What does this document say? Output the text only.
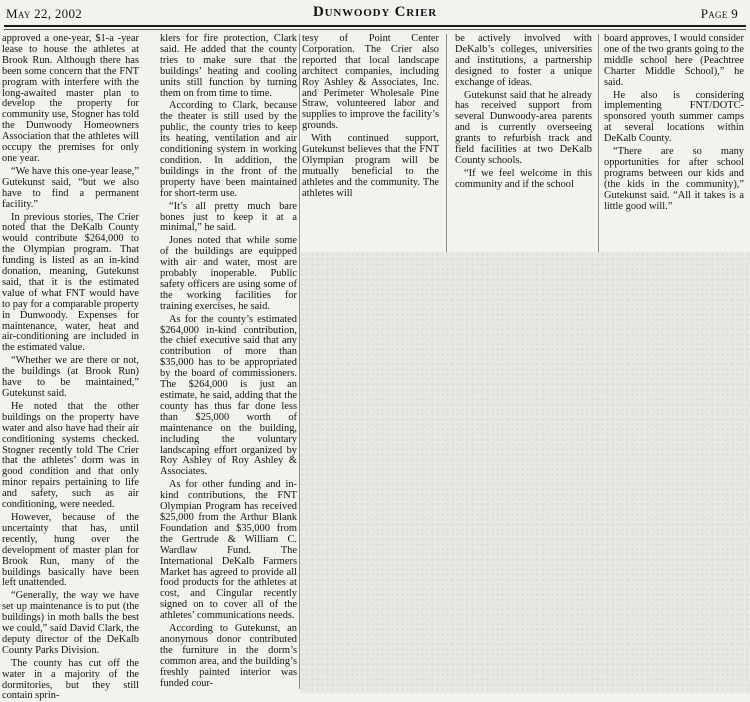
May 22, 2002	Dunwoody Crier	Page 9

approved a one-year, $1-a -year lease to house the athletes at Brook Run. Although there has been some concern that the FNT program with interfere with the long-awaited master plan to develop the property for community use, Stogner has told the Dunwoody Homeowners Association that the athletes will occupy the premises for only one year.

“We have this one-year lease,” Gutekunst said, “but we also have to find a permanent facility.”

In previous stories, The Crier noted that the DeKalb County would contribute $264,000 to the Olympian program. That funding is listed as an in-kind donation, meaning, Gutekunst said, that it is the estimated value of what FNT would have to pay for a comparable property in Dunwoody. Expenses for maintenance, water, heat and air-conditioning are included in the estimated value.

“Whether we are there or not, the buildings (at Brook Run) have to be maintained,” Gutekunst said.

He noted that the other buildings on the property have water and also have had their air conditioning systems checked. Stogner recently told The Crier that the athletes’ dorm was in good condition and that only minor repairs pertaining to life and safety, such as air conditioning, were needed.

However, because of the uncertainty that has, until recently, hung over the development of master plan for Brook Run, many of the buildings basically have been left unattended.

“Generally, the way we have set up maintenance is to put (the buildings) in moth balls the best we could,” said David Clark, the deputy director of the DeKalb County Parks Division.

The county has cut off the water in a majority of the dormitories, but they still contain sprin-

klers for fire protection, Clark said. He added that the county tries to make sure that the buildings’ heating and cooling units still function by turning them on from time to time.

According to Clark, because the theater is still used by the public, the county tries to keep its heating, ventilation and air conditioning system in working condition. In addition, the buildings in the front of the property have been maintained for short-term use.

“It’s all pretty much bare bones just to keep it at a minimal,” he said.

Jones noted that while some of the buildings are equipped with air and water, most are probably inoperable. Public safety officers are using some of the working facilities for training exercises, he said.

As for the county’s estimated $264,000 in-kind contribution, the chief executive said that any contribution of more than $35,000 has to be appropriated by the board of commissioners. The $264,000 is just an estimate, he said, adding that the county has thus far done less than $25,000 worth of maintenance on the building, including the voluntary landscaping effort organized by Roy Ashley of Roy Ashley & Associates.

As for other funding and in-kind contributions, the FNT Olympian Program has received $25,000 from the Arthur Blank Foundation and $35,000 from the Gertrude & William C. Wardlaw Fund. The International DeKalb Farmers Market has agreed to provide all food products for the athletes at cost, and Cingular recently signed on to cover all of the athletes’ communications needs.

According to Gutekunst, an anonymous donor contributed the furniture in the dorm’s common area, and the building’s freshly painted interior was funded cour-

tesy of Point Center Corporation. The Crier also reported that local landscape architect companies, including Roy Ashley & Associates, Inc. and Perimeter Wholesale Pine Straw, volunteered labor and supplies to improve the facility’s grounds.

With continued support, Gutekunst believes that the FNT Olympian program will be mutually beneficial to the athletes and the community. The athletes will

be actively involved with DeKalb’s colleges, universities and institutions, a partnership designed to foster a unique exchange of ideas.

Gutekunst said that he already has received support from several Dunwoody-area parents and is currently overseeing grants to refurbish track and field facilities at two DeKalb County schools.

“If we feel welcome in this community and if the school

board approves, I would consider one of the two grants going to the middle school here (Peachtree Charter Middle School),” he said.

He also is considering implementing FNT/DOTC-sponsored youth summer camps at several locations within DeKalb County.

“There are so many opportunities for after school programs between our kids and (the kids in the community),” Gutekunst said. “All it takes is a little good will.”
